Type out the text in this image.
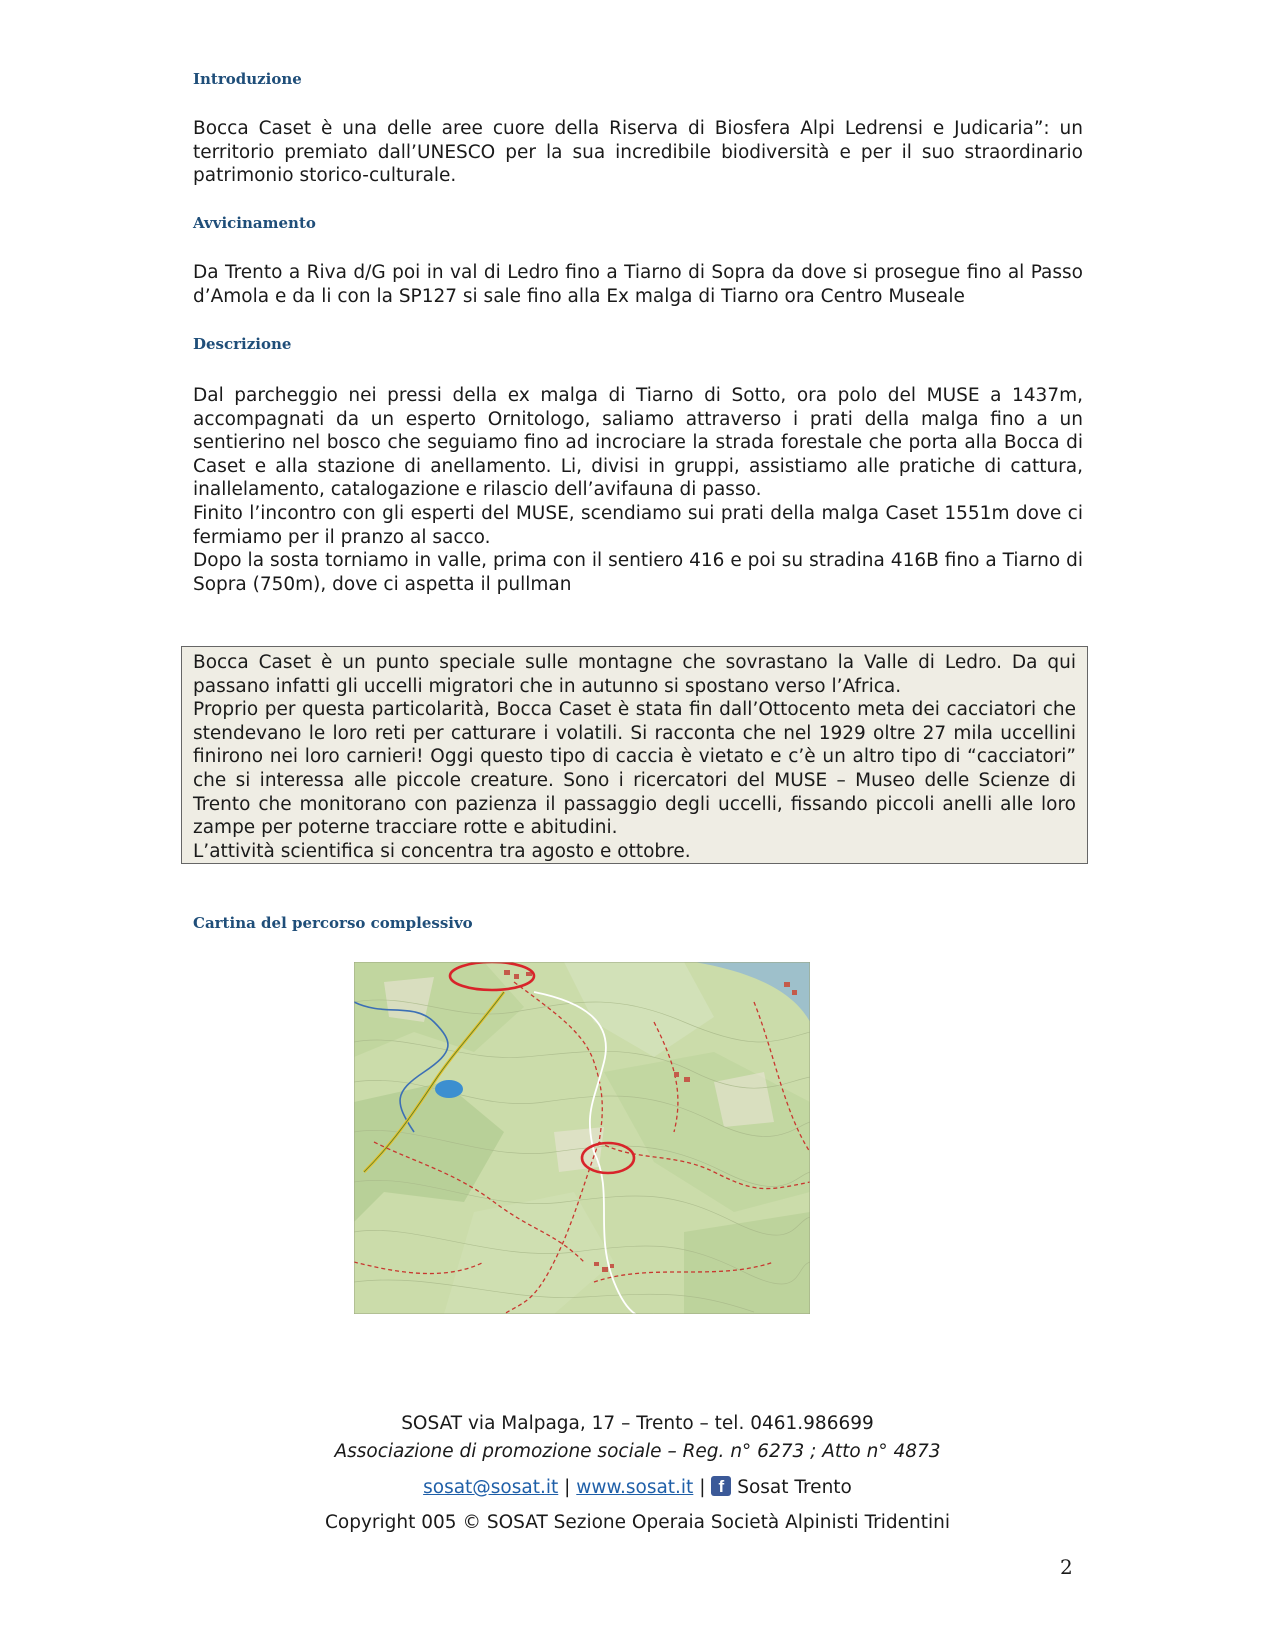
Introduzione

Bocca Caset è una delle aree cuore della Riserva di Biosfera Alpi Ledrensi e Judicaria”: un territorio premiato dall’UNESCO per la sua incredibile biodiversità e per il suo straordinario patrimonio storico-culturale.

Avvicinamento

Da Trento a Riva d/G poi in val di Ledro fino a Tiarno di Sopra da dove si prosegue fino al Passo d’Amola e da li con la SP127 si sale fino alla Ex malga di Tiarno ora Centro Museale

Descrizione

Dal parcheggio nei pressi della ex malga di Tiarno di Sotto, ora polo del MUSE a 1437m, accompagnati da un esperto Ornitologo, saliamo attraverso i prati della malga fino a un sentierino nel bosco che seguiamo fino ad incrociare la strada forestale che porta alla Bocca di Caset e alla stazione di anellamento. Li, divisi in gruppi, assistiamo alle pratiche di cattura, inallelamento, catalogazione e rilascio dell’avifauna di passo.

Finito l’incontro con gli esperti del MUSE, scendiamo sui prati della malga Caset 1551m dove ci fermiamo per il pranzo al sacco.

Dopo la sosta torniamo in valle, prima con il sentiero 416 e poi su stradina 416B fino a Tiarno di Sopra (750m), dove ci aspetta il pullman

Bocca Caset è un punto speciale sulle montagne che sovrastano la Valle di Ledro. Da qui passano infatti gli uccelli migratori che in autunno si spostano verso l’Africa.

Proprio per questa particolarità, Bocca Caset è stata fin dall’Ottocento meta dei cacciatori che stendevano le loro reti per catturare i volatili. Si racconta che nel 1929 oltre 27 mila uccellini finirono nei loro carnieri! Oggi questo tipo di caccia è vietato e c’è un altro tipo di “cacciatori” che si interessa alle piccole creature. Sono i ricercatori del MUSE – Museo delle Scienze di Trento che monitorano con pazienza il passaggio degli uccelli, fissando piccoli anelli alle loro zampe per poterne tracciare rotte e abitudini.

L’attività scientifica si concentra tra agosto e ottobre.

Cartina del percorso complessivo
SOSAT via Malpaga, 17 – Trento – tel. 0461.986699
Associazione di promozione sociale – Reg. n° 6273 ; Atto n° 4873
sosat@sosat.it | www.sosat.it | f Sosat Trento
Copyright 005 © SOSAT Sezione Operaia Società Alpinisti Tridentini
2
